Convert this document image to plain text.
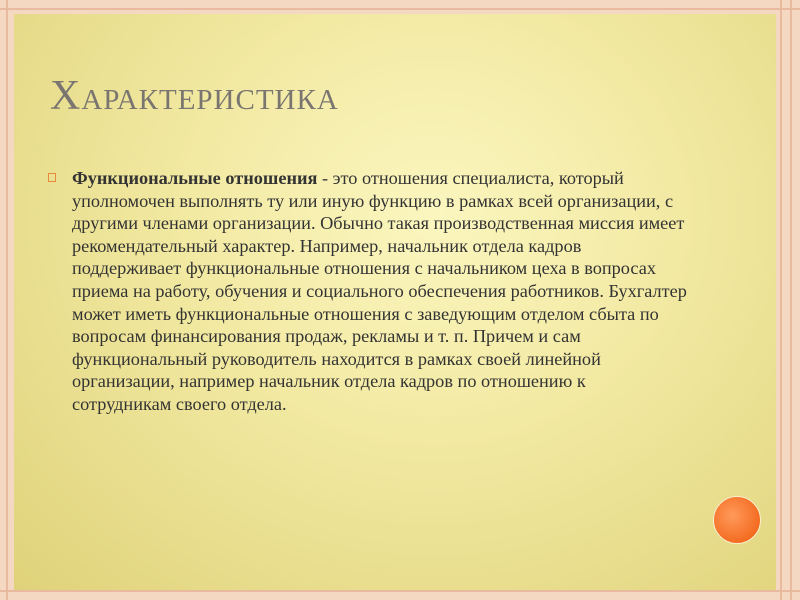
Характеристика
Функциональные отношения - это отношения специалиста, который уполномочен выполнять ту или иную функцию в рамках всей организации, с другими членами организации. Обычно такая производственная миссия имеет рекомендательный характер. Например, начальник отдела кадров поддерживает функциональные отношения с начальником цеха в вопросах приема на работу, обучения и социального обеспечения работников. Бухгалтер может иметь функциональные отношения с заведующим отделом сбыта по вопросам финансирования продаж, рекламы и т. п. Причем и сам функциональный руководитель находится в рамках своей линейной организации, например начальник отдела кадров по отношению к сотрудникам своего отдела.
